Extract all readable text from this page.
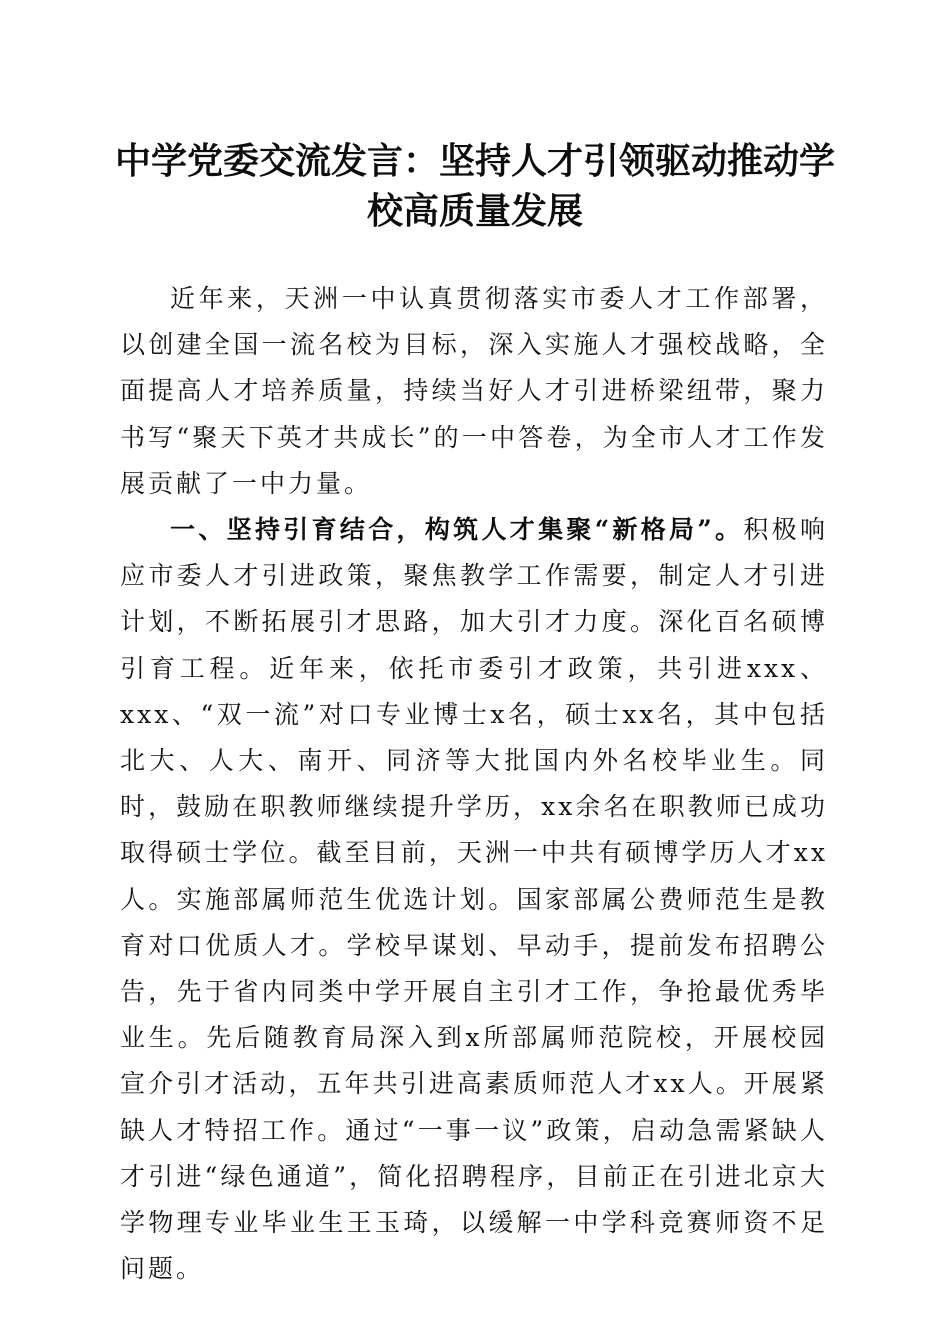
中学党委交流发言：坚持人才引领驱动推动学校高质量发展

近年来，天洲一中认真贯彻落实市委人才工作部署，以创建全国一流名校为目标，深入实施人才强校战略，全面提高人才培养质量，持续当好人才引进桥梁纽带，聚力书写“聚天下英才共成长”的一中答卷，为全市人才工作发展贡献了一中力量。

一、坚持引育结合，构筑人才集聚“新格局”。积极响应市委人才引进政策，聚焦教学工作需要，制定人才引进计划，不断拓展引才思路，加大引才力度。深化百名硕博引育工程。近年来，依托市委引才政策，共引进xxx、xxx、“双一流”对口专业博士x名，硕士xx名，其中包括北大、人大、南开、同济等大批国内外名校毕业生。同时，鼓励在职教师继续提升学历，xx余名在职教师已成功取得硕士学位。截至目前，天洲一中共有硕博学历人才xx人。实施部属师范生优选计划。国家部属公费师范生是教育对口优质人才。学校早谋划、早动手，提前发布招聘公告，先于省内同类中学开展自主引才工作，争抢最优秀毕业生。先后随教育局深入到x所部属师范院校，开展校园宣介引才活动，五年共引进高素质师范人才xx人。开展紧缺人才特招工作。通过“一事一议”政策，启动急需紧缺人才引进“绿色通道”，简化招聘程序，目前正在引进北京大学物理专业毕业生王玉琦，以缓解一中学科竞赛师资不足问题。
